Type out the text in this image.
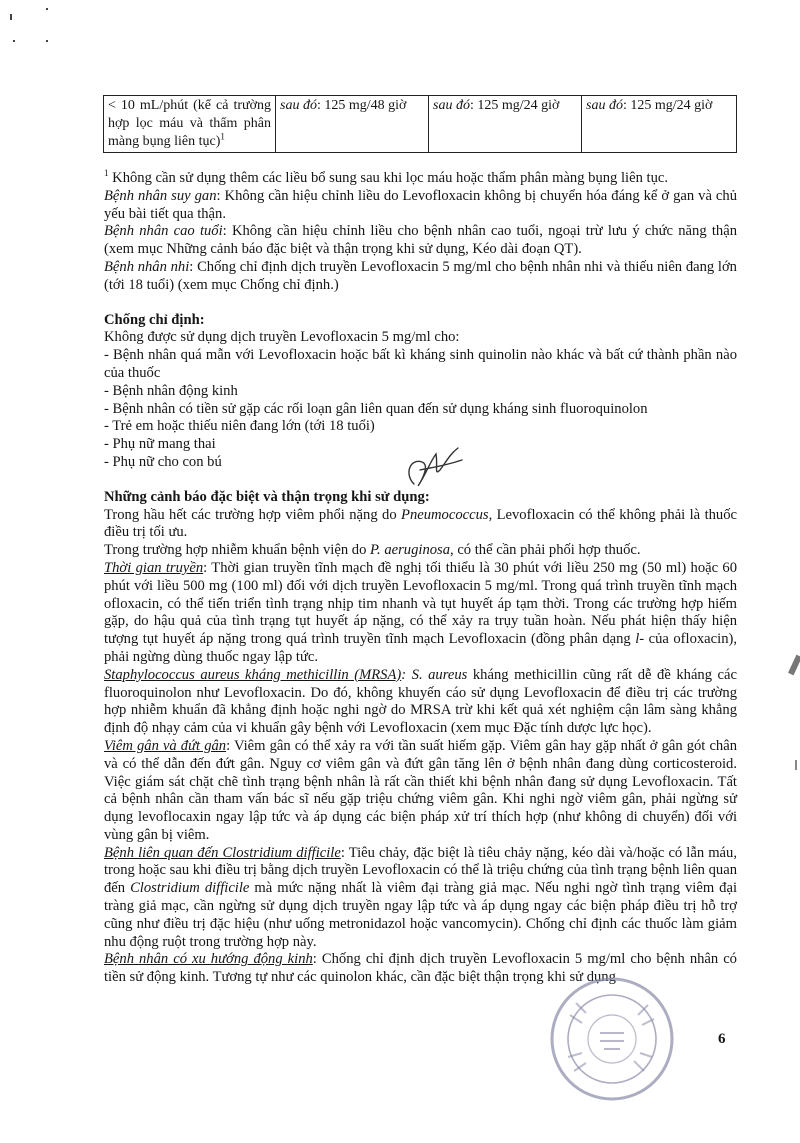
< 10 mL/phút (kể cả trường hợp lọc máu và thẩm phân màng bụng liên tục)$^1$	sau đó: 125 mg/48 giờ	sau đó: 125 mg/24 giờ	sau đó: 125 mg/24 giờ

$^1$ Không cần sử dụng thêm các liều bổ sung sau khi lọc máu hoặc thẩm phân màng bụng liên tục.

Bệnh nhân suy gan: Không cần hiệu chỉnh liều do Levofloxacin không bị chuyển hóa đáng kể ở gan và chủ yếu bài tiết qua thận.

Bệnh nhân cao tuổi: Không cần hiệu chỉnh liều cho bệnh nhân cao tuổi, ngoại trừ lưu ý chức năng thận (xem mục Những cảnh báo đặc biệt và thận trọng khi sử dụng, Kéo dài đoạn QT).

Bệnh nhân nhi: Chống chỉ định dịch truyền Levofloxacin 5 mg/ml cho bệnh nhân nhi và thiếu niên đang lớn (tới 18 tuổi) (xem mục Chống chỉ định.)

Chống chỉ định:

Không được sử dụng dịch truyền Levofloxacin 5 mg/ml cho:

- Bệnh nhân quá mẫn với Levofloxacin hoặc bất kì kháng sinh quinolin nào khác và bất cứ thành phần nào của thuốc

- Bệnh nhân động kinh

- Bệnh nhân có tiền sử gặp các rối loạn gân liên quan đến sử dụng kháng sinh fluoroquinolon

- Trẻ em hoặc thiếu niên đang lớn (tới 18 tuổi)

- Phụ nữ mang thai

- Phụ nữ cho con bú

Những cảnh báo đặc biệt và thận trọng khi sử dụng:

Trong hầu hết các trường hợp viêm phổi nặng do Pneumococcus, Levofloxacin có thể không phải là thuốc điều trị tối ưu.

Trong trường hợp nhiễm khuẩn bệnh viện do P. aeruginosa, có thể cần phải phối hợp thuốc.

Thời gian truyền: Thời gian truyền tĩnh mạch đề nghị tối thiểu là 30 phút với liều 250 mg (50 ml) hoặc 60 phút với liều 500 mg (100 ml) đối với dịch truyền Levofloxacin 5 mg/ml. Trong quá trình truyền tĩnh mạch ofloxacin, có thể tiến triển tình trạng nhịp tim nhanh và tụt huyết áp tạm thời. Trong các trường hợp hiếm gặp, do hậu quả của tình trạng tụt huyết áp nặng, có thể xảy ra trụy tuần hoàn. Nếu phát hiện thấy hiện tượng tụt huyết áp nặng trong quá trình truyền tĩnh mạch Levofloxacin (đồng phân dạng l- của ofloxacin), phải ngừng dùng thuốc ngay lập tức.

Staphylococcus aureus kháng methicillin (MRSA): S. aureus kháng methicillin cũng rất dễ đề kháng các fluoroquinolon như Levofloxacin. Do đó, không khuyến cáo sử dụng Levofloxacin để điều trị các trường hợp nhiễm khuẩn đã khẳng định hoặc nghi ngờ do MRSA trừ khi kết quả xét nghiệm cận lâm sàng khẳng định độ nhạy cảm của vi khuẩn gây bệnh với Levofloxacin (xem mục Đặc tính dược lực học).

Viêm gân và đứt gân: Viêm gân có thể xảy ra với tần suất hiếm gặp. Viêm gân hay gặp nhất ở gân gót chân và có thể dẫn đến đứt gân. Nguy cơ viêm gân và đứt gân tăng lên ở bệnh nhân đang dùng corticosteroid. Việc giám sát chặt chẽ tình trạng bệnh nhân là rất cần thiết khi bệnh nhân đang sử dụng Levofloxacin. Tất cả bệnh nhân cần tham vấn bác sĩ nếu gặp triệu chứng viêm gân. Khi nghi ngờ viêm gân, phải ngừng sử dụng levoflocaxin ngay lập tức và áp dụng các biện pháp xử trí thích hợp (như không di chuyển) đối với vùng gân bị viêm.

Bệnh liên quan đến Clostridium difficile: Tiêu chảy, đặc biệt là tiêu chảy nặng, kéo dài và/hoặc có lẫn máu, trong hoặc sau khi điều trị bằng dịch truyền Levofloxacin có thể là triệu chứng của tình trạng bệnh liên quan đến Clostridium difficile mà mức nặng nhất là viêm đại tràng giả mạc. Nếu nghi ngờ tình trạng viêm đại tràng giả mạc, cần ngừng sử dụng dịch truyền ngay lập tức và áp dụng ngay các biện pháp điều trị hỗ trợ cũng như điều trị đặc hiệu (như uống metronidazol hoặc vancomycin). Chống chỉ định các thuốc làm giảm nhu động ruột trong trường hợp này.

Bệnh nhân có xu hướng động kinh: Chống chỉ định dịch truyền Levofloxacin 5 mg/ml cho bệnh nhân có tiền sử động kinh. Tương tự như các quinolon khác, cần đặc biệt thận trọng khi sử dụng

6
